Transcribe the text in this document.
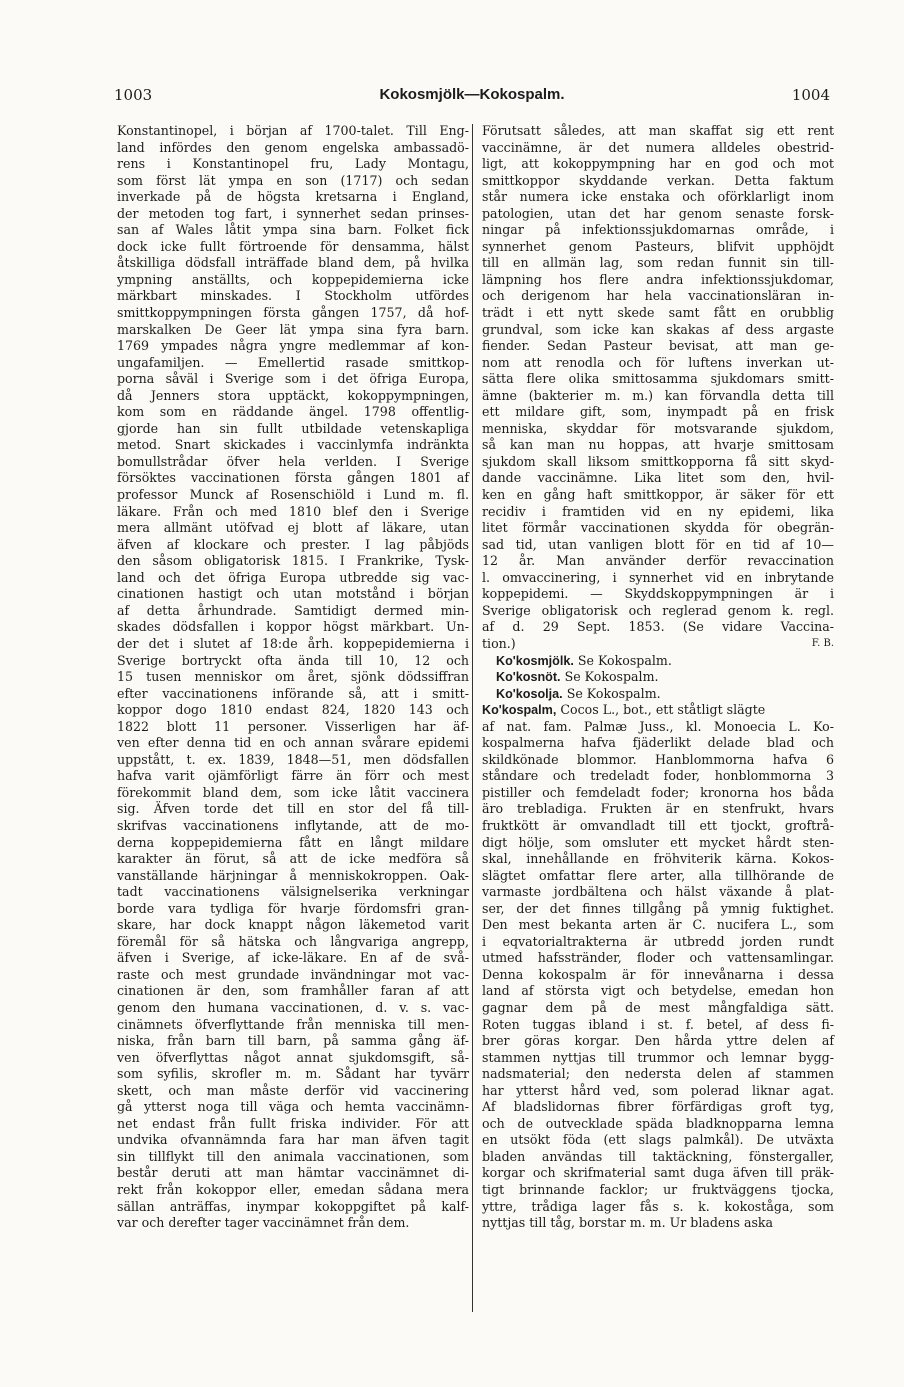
1003	Kokosmjölk—Kokospalm.	1004
Konstantinopel, i början af 1700-talet. Till Eng-
land infördes den genom engelska ambassadö-
rens i Konstantinopel fru, Lady Montagu,
som först lät ympa en son (1717) och sedan
inverkade på de högsta kretsarna i England,
der metoden tog fart, i synnerhet sedan prinses-
san af Wales låtit ympa sina barn. Folket fick
dock icke fullt förtroende för densamma, hälst
åtskilliga dödsfall inträffade bland dem, på hvilka
ympning anställts, och koppepidemierna icke
märkbart minskades. I Stockholm utfördes
smittkoppympningen första gången 1757, då hof-
marskalken De Geer lät ympa sina fyra barn.
1769 ympades några yngre medlemmar af kon-
ungafamiljen. — Emellertid rasade smittkop-
porna såväl i Sverige som i det öfriga Europa,
då Jenners stora upptäckt, kokoppympningen,
kom som en räddande ängel. 1798 offentlig-
gjorde han sin fullt utbildade vetenskapliga
metod. Snart skickades i vaccinlymfa indränkta
bomullstrådar öfver hela verlden. I Sverige
försöktes vaccinationen första gången 1801 af
professor Munck af Rosenschiöld i Lund m. fl.
läkare. Från och med 1810 blef den i Sverige
mera allmänt utöfvad ej blott af läkare, utan
äfven af klockare och prester. I lag påbjöds
den såsom obligatorisk 1815. I Frankrike, Tysk-
land och det öfriga Europa utbredde sig vac-
cinationen hastigt och utan motstånd i början
af detta århundrade. Samtidigt dermed min-
skades dödsfallen i koppor högst märkbart. Un-
der det i slutet af 18:de årh. koppepidemierna i
Sverige bortryckt ofta ända till 10, 12 och
15 tusen menniskor om året, sjönk dödssiffran
efter vaccinationens införande så, att i smitt-
koppor dogo 1810 endast 824, 1820 143 och
1822 blott 11 personer. Visserligen har äf-
ven efter denna tid en och annan svårare epidemi
uppstått, t. ex. 1839, 1848—51, men dödsfallen
hafva varit ojämförligt färre än förr och mest
förekommit bland dem, som icke låtit vaccinera
sig. Äfven torde det till en stor del få till-
skrifvas vaccinationens inflytande, att de mo-
derna koppepidemierna fått en långt mildare
karakter än förut, så att de icke medföra så
vanställande härjningar å menniskokroppen. Oak-
tadt vaccinationens välsignelserika verkningar
borde vara tydliga för hvarje fördomsfri gran-
skare, har dock knappt någon läkemetod varit
föremål för så hätska och långvariga angrepp,
äfven i Sverige, af icke-läkare. En af de svå-
raste och mest grundade invändningar mot vac-
cinationen är den, som framhåller faran af att
genom den humana vaccinationen, d. v. s. vac-
cinämnets öfverflyttande från menniska till men-
niska, från barn till barn, på samma gång äf-
ven öfverflyttas något annat sjukdomsgift, så-
som syfilis, skrofler m. m. Sådant har tyvärr
skett, och man måste derför vid vaccinering
gå ytterst noga till väga och hemta vaccinämn-
net endast från fullt friska individer. För att
undvika ofvannämnda fara har man äfven tagit
sin tillflykt till den animala vaccinationen, som
består deruti att man hämtar vaccinämnet di-
rekt från kokoppor eller, emedan sådana mera
sällan anträffas, inympar kokoppgiftet på kalf-
var och derefter tager vaccinämnet från dem.
Förutsatt således, att man skaffat sig ett rent
vaccinämne, är det numera alldeles obestrid-
ligt, att kokoppympning har en god och mot
smittkoppor skyddande verkan. Detta faktum
står numera icke enstaka och oförklarligt inom
patologien, utan det har genom senaste forsk-
ningar på infektionssjukdomarnas område, i
synnerhet genom Pasteurs, blifvit upphöjdt
till en allmän lag, som redan funnit sin till-
lämpning hos flere andra infektionssjukdomar,
och derigenom har hela vaccinationsläran in-
trädt i ett nytt skede samt fått en orubblig
grundval, som icke kan skakas af dess argaste
fiender. Sedan Pasteur bevisat, att man ge-
nom att renodla och för luftens inverkan ut-
sätta flere olika smittosamma sjukdomars smitt-
ämne (bakterier m. m.) kan förvandla detta till
ett mildare gift, som, inympadt på en frisk
menniska, skyddar för motsvarande sjukdom,
så kan man nu hoppas, att hvarje smittosam
sjukdom skall liksom smittkopporna få sitt skyd-
dande vaccinämne. Lika litet som den, hvil-
ken en gång haft smittkoppor, är säker för ett
recidiv i framtiden vid en ny epidemi, lika
litet förmår vaccinationen skydda för obegrän-
sad tid, utan vanligen blott för en tid af 10—
12 år. Man använder derför revaccination
l. omvaccinering, i synnerhet vid en inbrytande
koppepidemi. — Skyddskoppympningen är i
Sverige obligatorisk och reglerad genom k. regl.
af d. 29 Sept. 1853. (Se vidare Vaccina-
tion.)	F. B.
Ko'kosmjölk. Se Kokospalm.
Ko'kosnöt. Se Kokospalm.
Ko'kosolja. Se Kokospalm.
Ko'kospalm, Cocos L., bot., ett ståtligt slägte
af nat. fam. Palmæ Juss., kl. Monoecia L. Ko-
kospalmerna hafva fjäderlikt delade blad och
skildkönade blommor. Hanblommorna hafva 6
ståndare och tredeladt foder, honblommorna 3
pistiller och femdeladt foder; kronorna hos båda
äro trebladiga. Frukten är en stenfrukt, hvars
fruktkött är omvandladt till ett tjockt, groftrå-
digt hölje, som omsluter ett mycket hårdt sten-
skal, innehållande en fröhviterik kärna. Kokos-
slägtet omfattar flere arter, alla tillhörande de
varmaste jordbältena och hälst växande å plat-
ser, der det finnes tillgång på ymnig fuktighet.
Den mest bekanta arten är C. nucifera L., som
i eqvatorialtrakterna är utbredd jorden rundt
utmed hafsstränder, floder och vattensamlingar.
Denna kokospalm är för innevånarna i dessa
land af största vigt och betydelse, emedan hon
gagnar dem på de mest mångfaldiga sätt.
Roten tuggas ibland i st. f. betel, af dess fi-
brer göras korgar. Den hårda yttre delen af
stammen nyttjas till trummor och lemnar bygg-
nadsmaterial; den nedersta delen af stammen
har ytterst hård ved, som polerad liknar agat.
Af bladslidornas fibrer förfärdigas groft tyg,
och de outvecklade späda bladknopparna lemna
en utsökt föda (ett slags palmkål). De utväxta
bladen användas till taktäckning, fönstergaller,
korgar och skrifmaterial samt duga äfven till präk-
tigt brinnande facklor; ur fruktväggens tjocka,
yttre, trådiga lager fås s. k. kokoståga, som
nyttjas till tåg, borstar m. m. Ur bladens aska
